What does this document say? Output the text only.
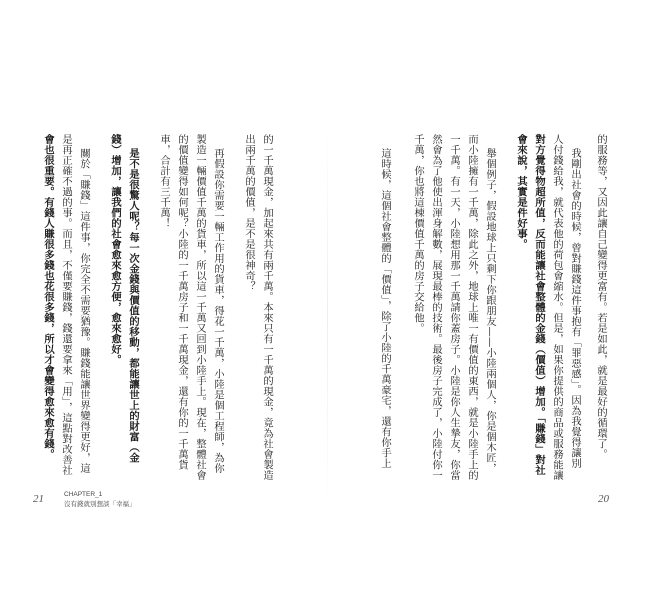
的服務等，又因此讓自己變得更富有。若是如此，就是最好的循環了。
我剛出社會的時候，曾對賺錢這件事抱有「罪惡感」。因為我覺得讓別
人付錢給我，就代表他的荷包會縮水。但是，如果你提供的商品或服務能讓
對方覺得物超所值，反而能讓社會整體的金錢（價值）增加。「賺錢」對社
會來說，其實是件好事。
舉個例子，假設地球上只剩下你跟朋友——小陸兩個人，你是個木匠，
而小陸擁有一千萬，除此之外，地球上唯一有價值的東西，就是小陸手上的
一千萬。有一天，小陸想用那一千萬請你蓋房子。小陸是你人生摯友，你當
然會為了他使出渾身解數，展現最棒的技術。最後房子完成了，小陸付你一
千萬，你也將這棟價值千萬的房子交給他。
這時候，這個社會整體的「價值」，除了小陸的千萬豪宅，還有你手上
20
的一千萬現金，加起來共有兩千萬。本來只有一千萬的現金，竟為社會製造
出兩千萬的價值，是不是很神奇？
再假設你需要一輛工作用的貨車，得花一千萬，小陸是個工程師，為你
製造一輛價值千萬的貨車，所以這一千萬又回到小陸手上。現在，整體社會
的價值變得如何呢？小陸的一千萬房子和一千萬現金，還有你的一千萬貨
車，合計有三千萬！
是不是很驚人呢？每一次金錢與價值的移動，都能讓世上的財富（金
錢）增加，讓我們的社會愈來愈方便，愈來愈好。
關於「賺錢」這件事，你完全不需要猶豫。賺錢能讓世界變得更好，這
是再正確不過的事。而且，不僅要賺錢，錢還要拿來「用」，這點對改善社
會也很重要。有錢人賺很多錢也花很多錢，所以才會變得愈來愈有錢。
21	CHAPTER_1
沒有錢就別想談「幸福」
